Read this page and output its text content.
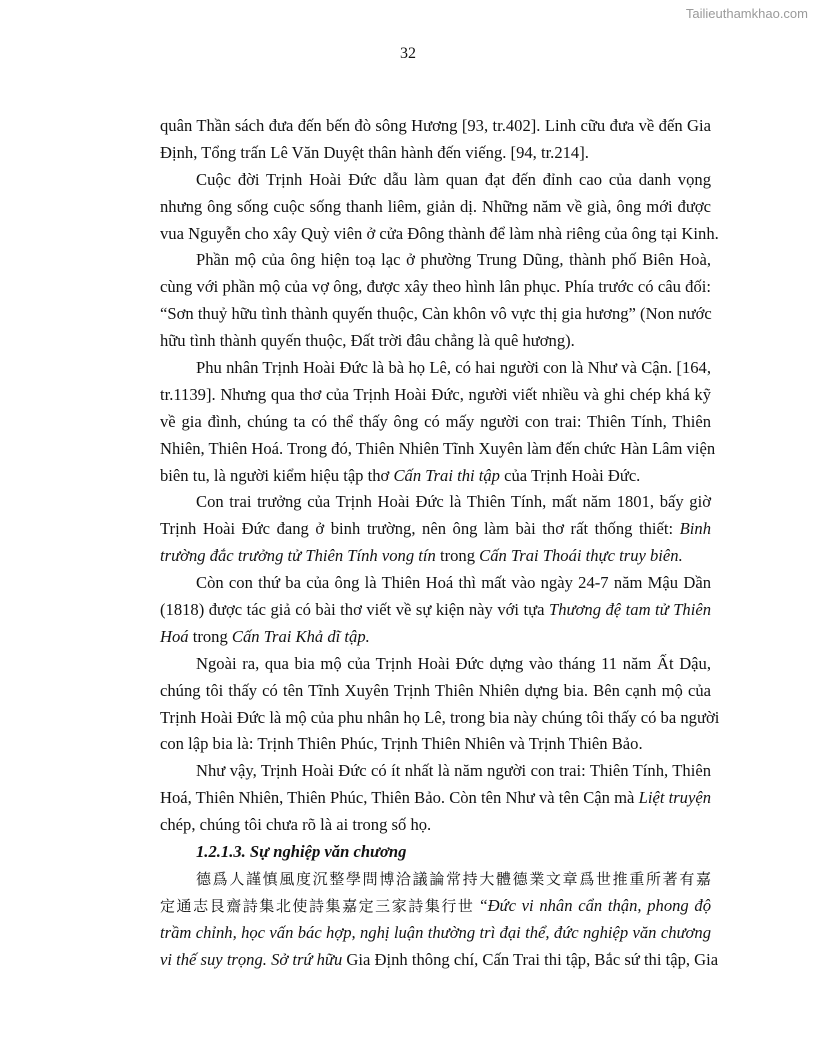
Tailieuthamkhao.com
32
quân Thần sách đưa đến bến đò sông Hương [93, tr.402]. Linh cữu đưa về đến Gia
Định, Tổng trấn Lê Văn Duyệt thân hành đến viếng. [94, tr.214].
Cuộc đời Trịnh Hoài Đức dẫu làm quan đạt đến đỉnh cao của danh vọng
nhưng ông sống cuộc sống thanh liêm, giản dị. Những năm về già, ông mới được
vua Nguyễn cho xây Quỳ viên ở cửa Đông thành để làm nhà riêng của ông tại Kinh.
Phần mộ của ông hiện toạ lạc ở phường Trung Dũng, thành phố Biên Hoà,
cùng với phần mộ của vợ ông, được xây theo hình lân phục. Phía trước có câu đối:
“Sơn thuỷ hữu tình thành quyến thuộc, Càn khôn vô vực thị gia hương” (Non nước
hữu tình thành quyến thuộc, Đất trời đâu chẳng là quê hương).
Phu nhân Trịnh Hoài Đức là bà họ Lê, có hai người con là Như và Cận. [164,
tr.1139]. Nhưng qua thơ của Trịnh Hoài Đức, người viết nhiều và ghi chép khá kỹ
về gia đình, chúng ta có thể thấy ông có mấy người con trai: Thiên Tính, Thiên
Nhiên, Thiên Hoá. Trong đó, Thiên Nhiên Tĩnh Xuyên làm đến chức Hàn Lâm viện
biên tu, là người kiểm hiệu tập thơ Cấn Trai thi tập của Trịnh Hoài Đức.
Con trai trưởng của Trịnh Hoài Đức là Thiên Tính, mất năm 1801, bấy giờ
Trịnh Hoài Đức đang ở binh trường, nên ông làm bài thơ rất thống thiết: Binh
trường đắc trưởng tử Thiên Tính vong tín trong Cấn Trai Thoái thực truy biên.
Còn con thứ ba của ông là Thiên Hoá thì mất vào ngày 24-7 năm Mậu Dần
(1818) được tác giả có bài thơ viết về sự kiện này với tựa Thương đệ tam tử Thiên
Hoá trong Cấn Trai Khả dĩ tập.
Ngoài ra, qua bia mộ của Trịnh Hoài Đức dựng vào tháng 11 năm Ất Dậu,
chúng tôi thấy có tên Tĩnh Xuyên Trịnh Thiên Nhiên dựng bia. Bên cạnh mộ của
Trịnh Hoài Đức là mộ của phu nhân họ Lê, trong bia này chúng tôi thấy có ba người
con lập bia là: Trịnh Thiên Phúc, Trịnh Thiên Nhiên và Trịnh Thiên Bảo.
Như vậy, Trịnh Hoài Đức có ít nhất là năm người con trai: Thiên Tính, Thiên
Hoá, Thiên Nhiên, Thiên Phúc, Thiên Bảo. Còn tên Như và tên Cận mà Liệt truyện
chép, chúng tôi chưa rõ là ai trong số họ.
1.2.1.3. Sự nghiệp văn chương
德爲人謹慎風度沉整學問博洽議論常持大體德業文章爲世推重所著有嘉
定通志艮齋詩集北使詩集嘉定三家詩集行世 “Đức vi nhân cẩn thận, phong độ
trầm chỉnh, học vấn bác hợp, nghị luận thường trì đại thể, đức nghiệp văn chương
vi thế suy trọng. Sở trứ hữu Gia Định thông chí, Cấn Trai thi tập, Bắc sứ thi tập, Gia
